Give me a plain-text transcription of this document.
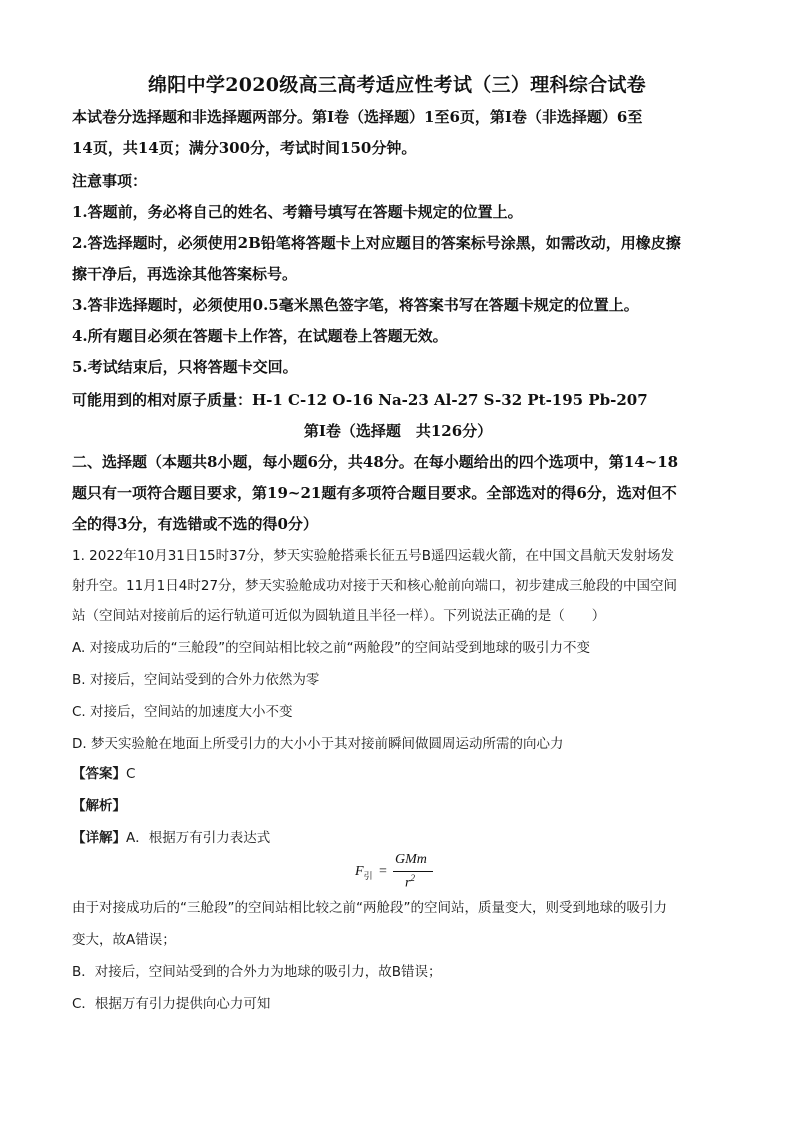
绵阳中学2020级高三高考适应性考试（三）理科综合试卷
本试卷分选择题和非选择题两部分。第Ⅰ卷（选择题）1至6页，第Ⅰ卷（非选择题）6至
14页，共14页；满分300分，考试时间150分钟。
注意事项：
1.答题前，务必将自己的姓名、考籍号填写在答题卡规定的位置上。
2.答选择题时，必须使用2B铅笔将答题卡上对应题目的答案标号涂黑，如需改动，用橡皮擦
擦干净后，再选涂其他答案标号。
3.答非选择题时，必须使用0.5毫米黑色签字笔，将答案书写在答题卡规定的位置上。
4.所有题目必须在答题卡上作答，在试题卷上答题无效。
5.考试结束后，只将答题卡交回。
可能用到的相对原子质量：H-1 C-12 O-16 Na-23 Al-27 S-32 Pt-195 Pb-207
第Ⅰ卷（选择题　共126分）
二、选择题（本题共8小题，每小题6分，共48分。在每小题给出的四个选项中，第14~18
题只有一项符合题目要求，第19~21题有多项符合题目要求。全部选对的得6分，选对但不
全的得3分，有选错或不选的得0分）
1. 2022年10月31日15时37分，梦天实验舱搭乘长征五号B遥四运载火箭，在中国文昌航天发射场发
射升空。11月1日4时27分，梦天实验舱成功对接于天和核心舱前向端口，初步建成三舱段的中国空间
站（空间站对接前后的运行轨道可近似为圆轨道且半径一样）。下列说法正确的是（　　）
A. 对接成功后的“三舱段”的空间站相比较之前“两舱段”的空间站受到地球的吸引力不变
B. 对接后，空间站受到的合外力依然为零
C. 对接后，空间站的加速度大小不变
D. 梦天实验舱在地面上所受引力的大小小于其对接前瞬间做圆周运动所需的向心力
【答案】C
【解析】
【详解】A．根据万有引力表达式
$F_引$ =
GMm
$r^2$
由于对接成功后的“三舱段”的空间站相比较之前“两舱段”的空间站，质量变大，则受到地球的吸引力
变大，故A错误；
B．对接后，空间站受到的合外力为地球的吸引力，故B错误；
C．根据万有引力提供向心力可知
